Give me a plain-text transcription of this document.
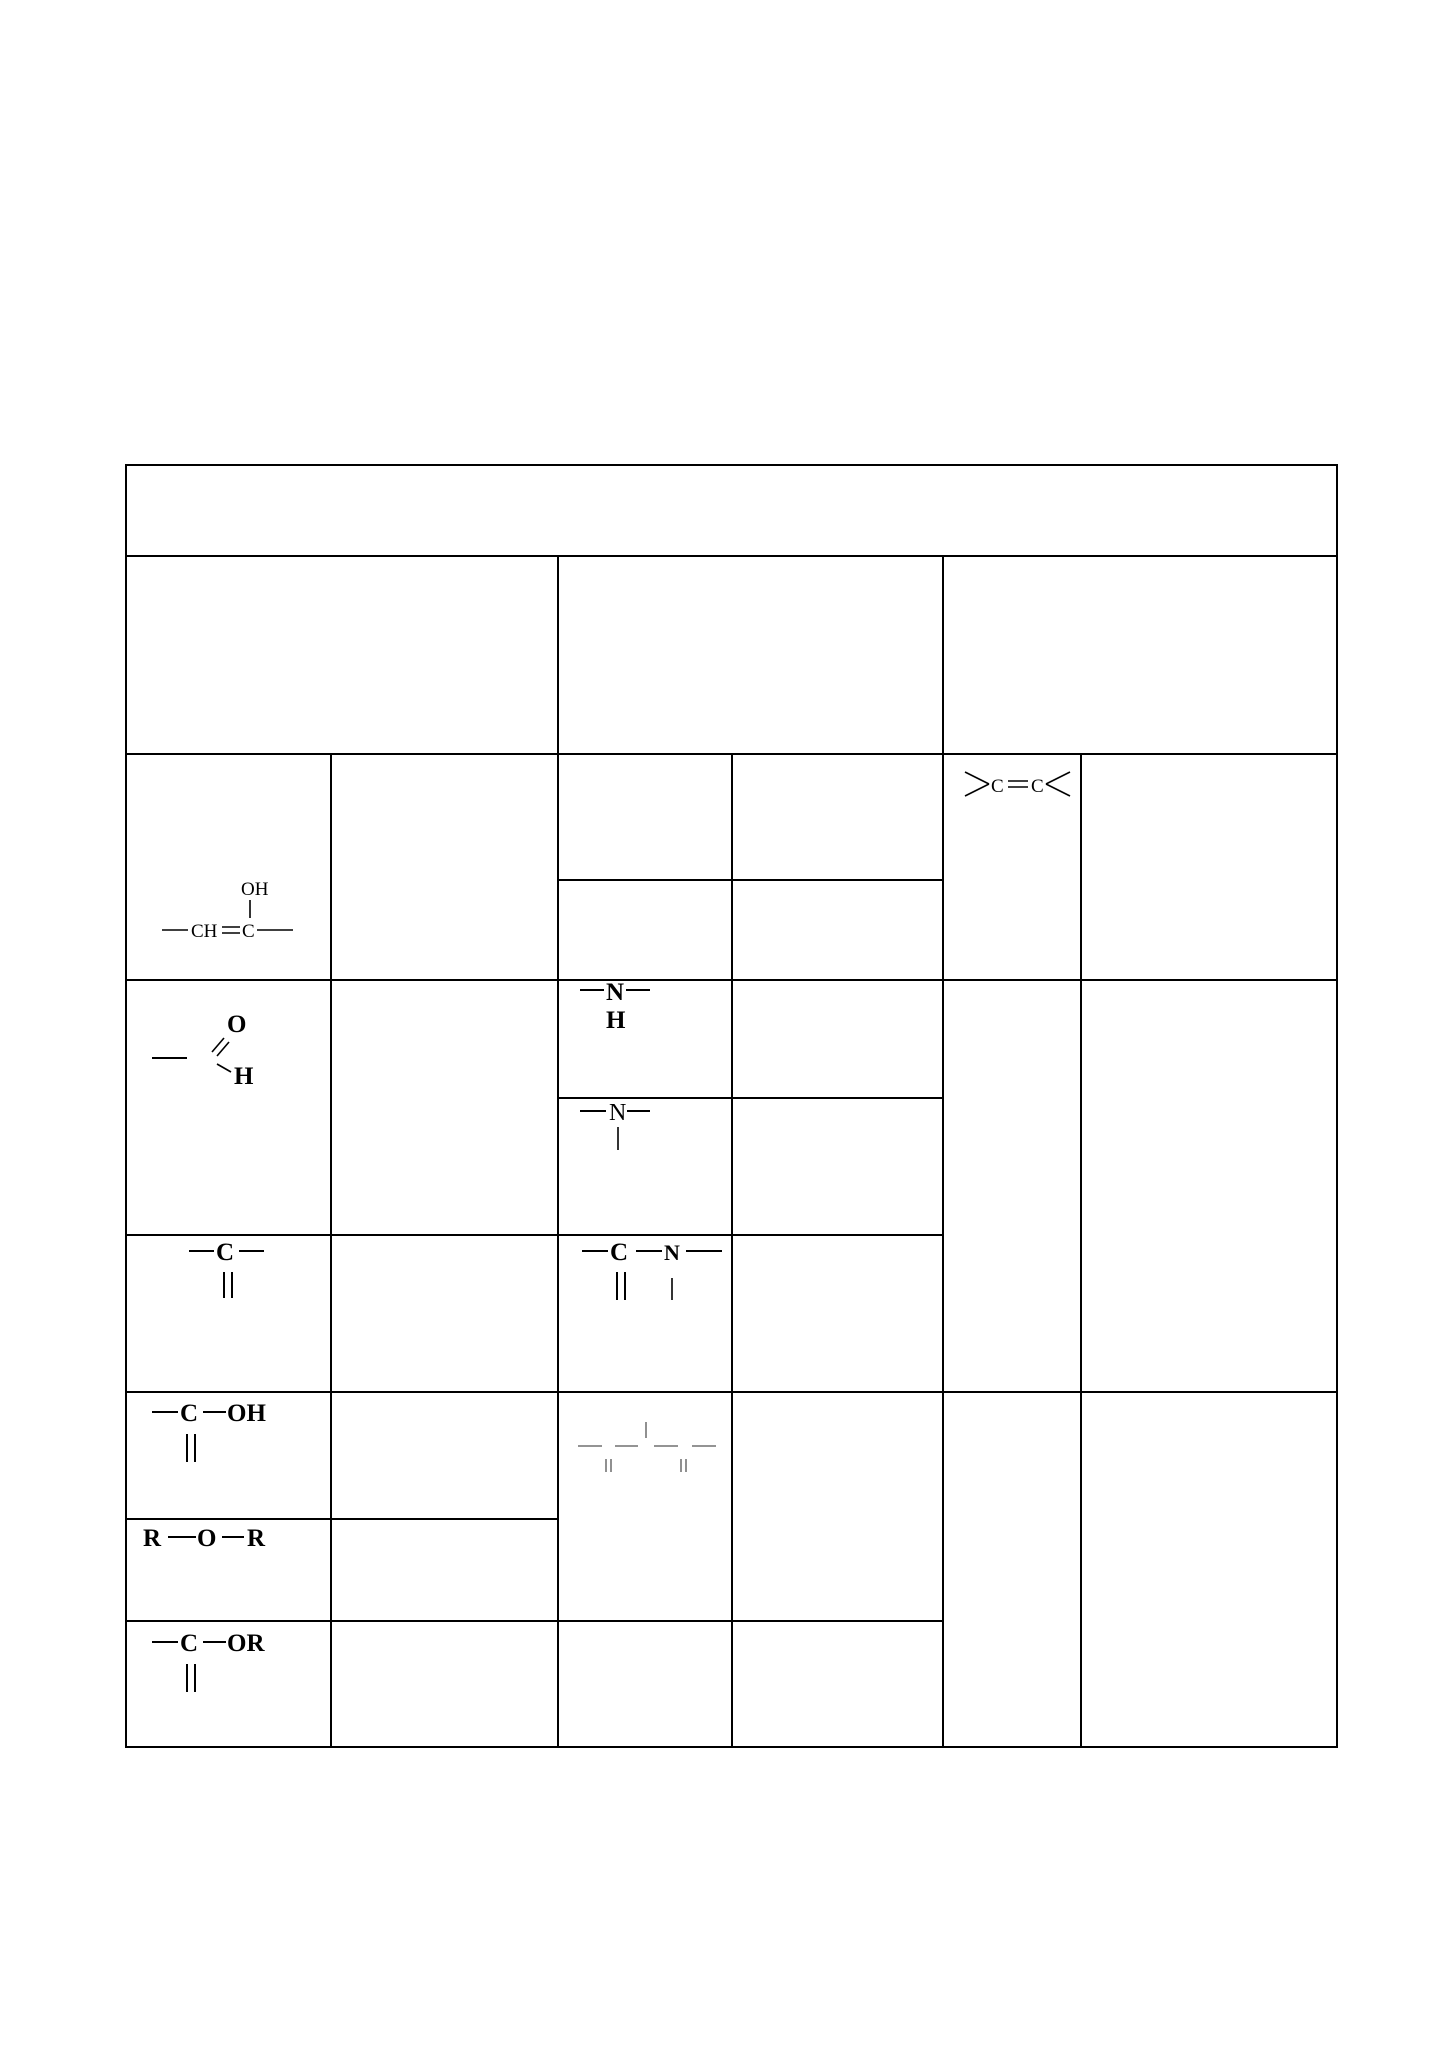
OH
CH C
O
H
C
C OH
R O R
C OR
N
H
N
C N
C C
